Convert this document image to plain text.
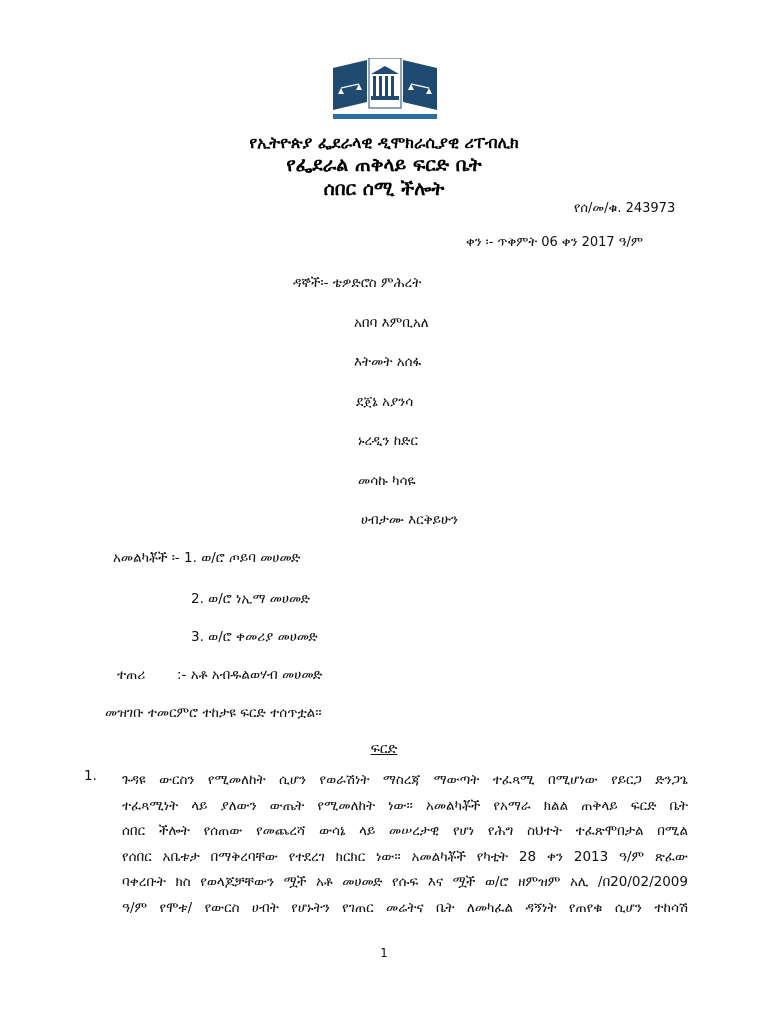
የኢትዮጵያ ፌደራላዊ ዲሞክራሲያዊ ሪፐብሊክ
የፌደራል ጠቅላይ ፍርድ ቤት
ሰበር ሰሚ ችሎት
የሰ/መ/ቁ. 243973
ቀን ፡- ጥቅምት 06 ቀን 2017 ዓ/ም
ዳኞች፡- ቴዎድሮስ ምሕረት
አበባ እምቢአለ
እትመት አሰፋ
ደጀኔ አያንሳ
ኑረዲን ከድር
መሳኩ ካሳዬ
ሀብታሙ እርቅይሁን
አመልካቾች ፡- 1. ወ/ሮ ጦይባ መሀመድ
2. ወ/ሮ ነኢማ መሀመድ
3. ወ/ሮ ቀመሪያ መሀመድ
ተጠሪ :- አቶ አብዱልወሃብ መሀመድ
መዝገቡ ተመርምሮ ተከታዩ ፍርድ ተሰጥቷል፡፡
ፍርድ
1. ጉዳዩ ውርስን የሚመለከት ሲሆን የወራሽነት ማስረጃ ማውጣት ተፈጻሚ በሚሆነው የይርጋ ድንጋጌ
ተፈጻሚነት ላይ ያለውን ውጤት የሚመለከት ነው፡፡ አመልካቾች የአማራ ክልል ጠቅላይ ፍርድ ቤት
ሰበር ችሎት የሰጠው የመጨረሻ ውሳኔ ላይ መሠረታዊ የሆነ የሕግ ስህተት ተፈጽሞበታል በሚል
የሰበር አቤቱታ በማቅረባቸው የተደረገ ክርክር ነው፡፡ አመልካቾች የካቲት 28 ቀን 2013 ዓ/ም ጽፈው
ባቀረቡት ክስ የወላጆቻቸውን ሟች አቶ መሀመድ የሱፍ እና ሟች ወ/ሮ ዘምዝም አሊ /በ20/02/2009
ዓ/ም የሞቱ/ የውርስ ሀብት የሆኑትን የገጠር መሬትና ቤት ለመካፈል ዳኝነት የጠየቁ ሲሆን ተከሳሽ
1
